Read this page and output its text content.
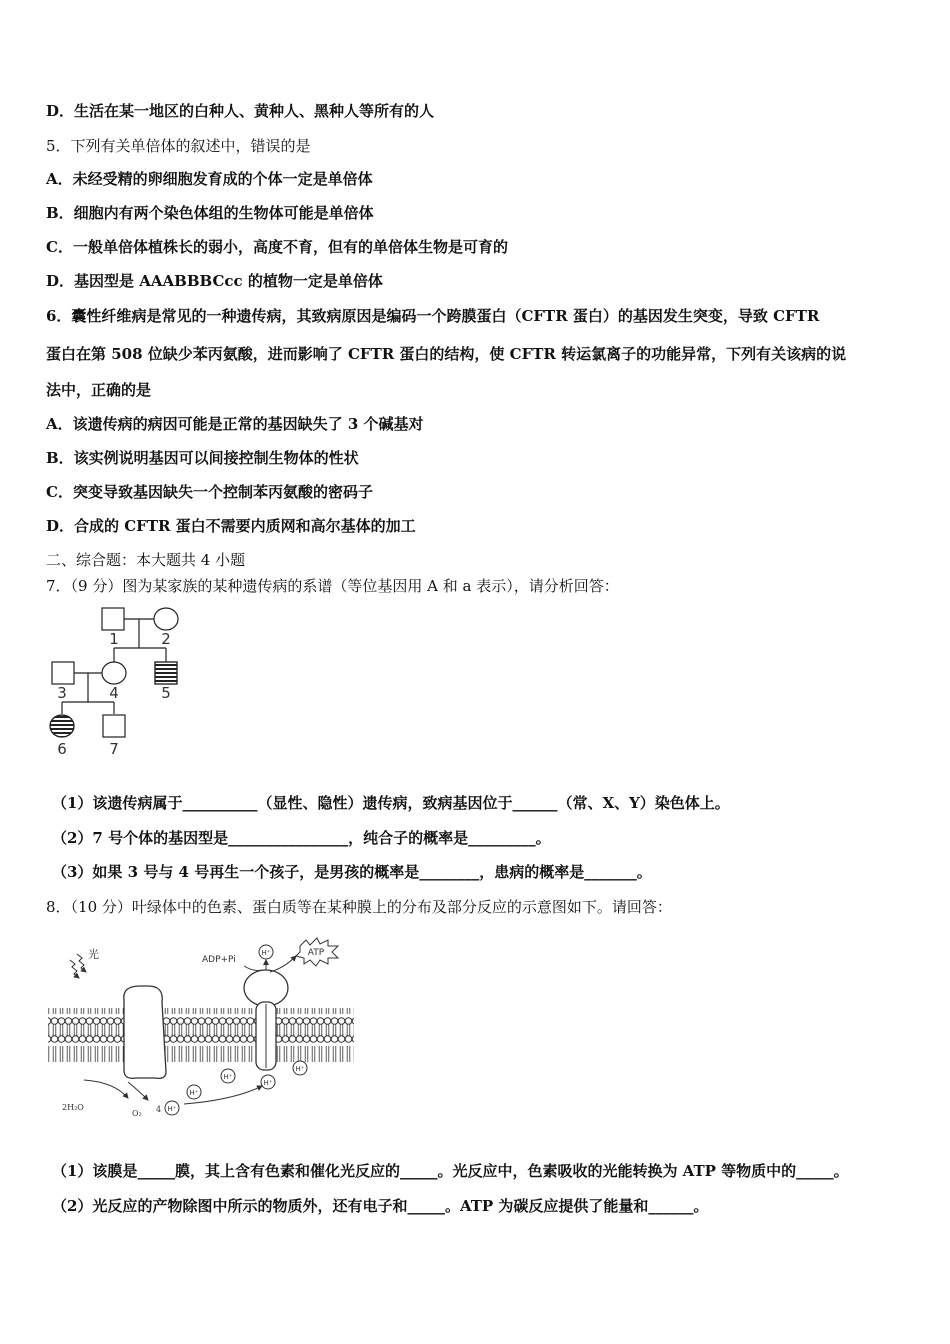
D．生活在某一地区的白种人、黄种人、黑种人等所有的人
5．下列有关单倍体的叙述中，错误的是
A．未经受精的卵细胞发育成的个体一定是单倍体
B．细胞内有两个染色体组的生物体可能是单倍体
C．一般单倍体植株长的弱小，高度不育，但有的单倍体生物是可育的
D．基因型是 AAABBBCcc 的植物一定是单倍体
6．囊性纤维病是常见的一种遗传病，其致病原因是编码一个跨膜蛋白（CFTR 蛋白）的基因发生突变，导致 CFTR
蛋白在第 508 位缺少苯丙氨酸，进而影响了 CFTR 蛋白的结构，使 CFTR 转运氯离子的功能异常，下列有关该病的说
法中，正确的是
A．该遗传病的病因可能是正常的基因缺失了 3 个碱基对
B．该实例说明基因可以间接控制生物体的性状
C．突变导致基因缺失一个控制苯丙氨酸的密码子
D．合成的 CFTR 蛋白不需要内质网和高尔基体的加工
二、综合题：本大题共 4 小题
7．（9 分）图为某家族的某种遗传病的系谱（等位基因用 A 和 a 表示），请分析回答：
1	2
3	4	5
6	7
（1）该遗传病属于__________（显性、隐性）遗传病，致病基因位于______（常、X、Y）染色体上。
（2）7 号个体的基因型是________________，纯合子的概率是_________。
（3）如果 3 号与 4 号再生一个孩子，是男孩的概率是________，患病的概率是_______。
8．（10 分）叶绿体中的色素、蛋白质等在某种膜上的分布及部分反应的示意图如下。请回答：
光	ADP+Pi
H⁺	ATP
H⁺
H⁺
H⁺
H⁺
H⁺
2H₂O
O₂ 4
（1）该膜是_____膜，其上含有色素和催化光反应的_____。光反应中，色素吸收的光能转换为 ATP 等物质中的_____。
（2）光反应的产物除图中所示的物质外，还有电子和_____。ATP 为碳反应提供了能量和______。
